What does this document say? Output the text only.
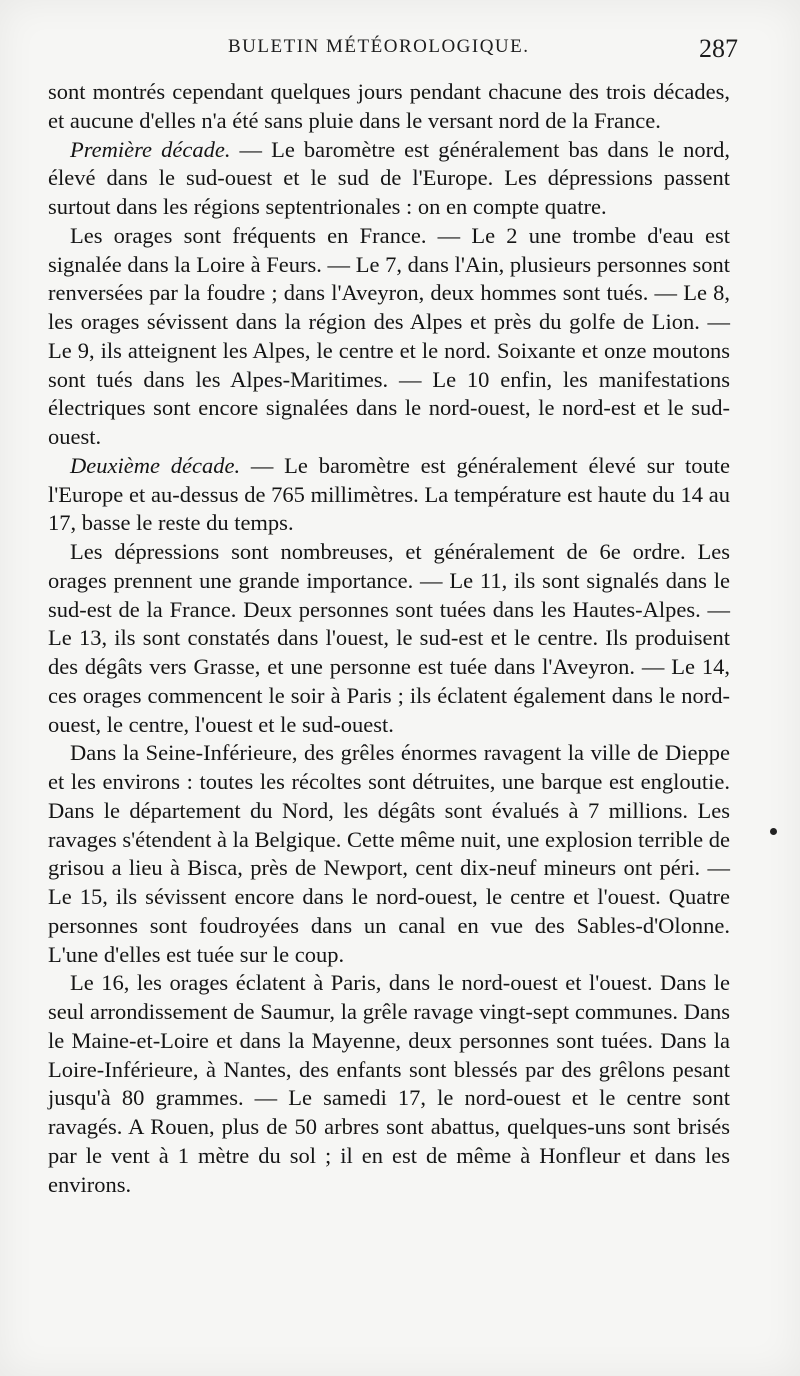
BULETIN MÉTÉOROLOGIQUE.	287

sont montrés cependant quelques jours pendant chacune des trois décades, et aucune d'elles n'a été sans pluie dans le versant nord de la France.

Première décade. — Le baromètre est généralement bas dans le nord, élevé dans le sud-ouest et le sud de l'Europe. Les dépressions passent surtout dans les régions septentrionales : on en compte quatre.

Les orages sont fréquents en France. — Le 2 une trombe d'eau est signalée dans la Loire à Feurs. — Le 7, dans l'Ain, plusieurs personnes sont renversées par la foudre ; dans l'Aveyron, deux hommes sont tués. — Le 8, les orages sévissent dans la région des Alpes et près du golfe de Lion. — Le 9, ils atteignent les Alpes, le centre et le nord. Soixante et onze moutons sont tués dans les Alpes-Maritimes. — Le 10 enfin, les manifestations électriques sont encore signalées dans le nord-ouest, le nord-est et le sud-ouest.

Deuxième décade. — Le baromètre est généralement élevé sur toute l'Europe et au-dessus de 765 millimètres. La température est haute du 14 au 17, basse le reste du temps.

Les dépressions sont nombreuses, et généralement de 6e ordre. Les orages prennent une grande importance. — Le 11, ils sont signalés dans le sud-est de la France. Deux personnes sont tuées dans les Hautes-Alpes. — Le 13, ils sont constatés dans l'ouest, le sud-est et le centre. Ils produisent des dégâts vers Grasse, et une personne est tuée dans l'Aveyron. — Le 14, ces orages commencent le soir à Paris ; ils éclatent également dans le nord-ouest, le centre, l'ouest et le sud-ouest.

Dans la Seine-Inférieure, des grêles énormes ravagent la ville de Dieppe et les environs : toutes les récoltes sont détruites, une barque est engloutie. Dans le département du Nord, les dégâts sont évalués à 7 millions. Les ravages s'étendent à la Belgique. Cette même nuit, une explosion terrible de grisou a lieu à Bisca, près de Newport, cent dix-neuf mineurs ont péri. — Le 15, ils sévissent encore dans le nord-ouest, le centre et l'ouest. Quatre personnes sont foudroyées dans un canal en vue des Sables-d'Olonne. L'une d'elles est tuée sur le coup.

Le 16, les orages éclatent à Paris, dans le nord-ouest et l'ouest. Dans le seul arrondissement de Saumur, la grêle ravage vingt-sept communes. Dans le Maine-et-Loire et dans la Mayenne, deux personnes sont tuées. Dans la Loire-Inférieure, à Nantes, des enfants sont blessés par des grêlons pesant jusqu'à 80 grammes. — Le samedi 17, le nord-ouest et le centre sont ravagés. A Rouen, plus de 50 arbres sont abattus, quelques-uns sont brisés par le vent à 1 mètre du sol ; il en est de même à Honfleur et dans les environs.
